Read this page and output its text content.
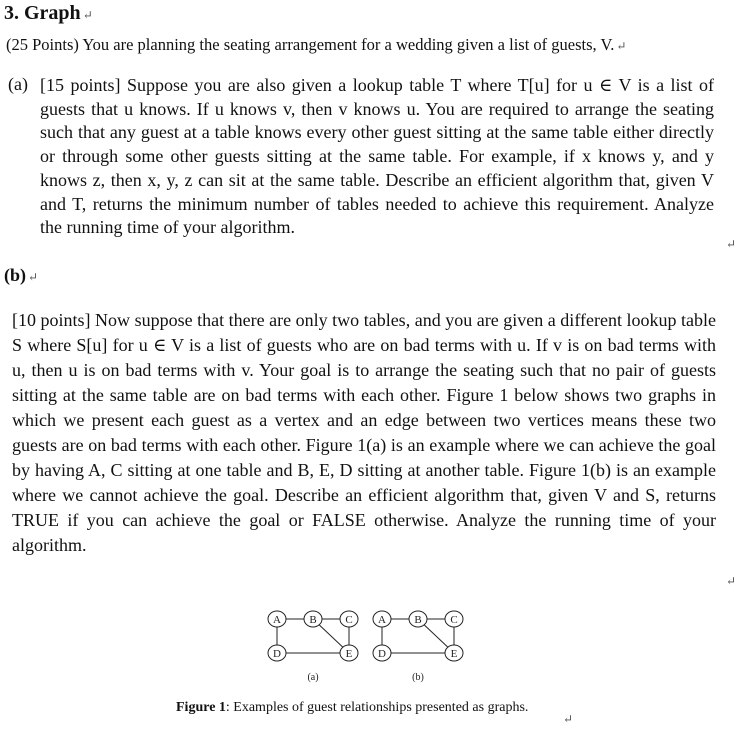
3. Graph ↵
(25 Points) You are planning the seating arrangement for a wedding given a list of guests, V. ↵
(a) [15 points] Suppose you are also given a lookup table T where T[u] for u ∈ V is a list of guests that u knows. If u knows v, then v knows u. You are required to arrange the seating such that any guest at a table knows every other guest sitting at the same table either directly or through some other guests sitting at the same table. For example, if x knows y, and y knows z, then x, y, z can sit at the same table. Describe an efficient algorithm that, given V and T, returns the minimum number of tables needed to achieve this requirement. Analyze the running time of your algorithm.
↵
(b) ↵
[10 points] Now suppose that there are only two tables, and you are given a different lookup table S where S[u] for u ∈ V is a list of guests who are on bad terms with u. If v is on bad terms with u, then u is on bad terms with v. Your goal is to arrange the seating such that no pair of guests sitting at the same table are on bad terms with each other. Figure 1 below shows two graphs in which we present each guest as a vertex and an edge between two vertices means these two guests are on bad terms with each other. Figure 1(a) is an example where we can achieve the goal by having A, C sitting at one table and B, E, D sitting at another table. Figure 1(b) is an example where we cannot achieve the goal. Describe an efficient algorithm that, given V and S, returns TRUE if you can achieve the goal or FALSE otherwise. Analyze the running time of your algorithm.
↵
A	B	C
D	E
(a)
A	B	C
D	E
(b)
Figure 1: Examples of guest relationships presented as graphs.
↵
